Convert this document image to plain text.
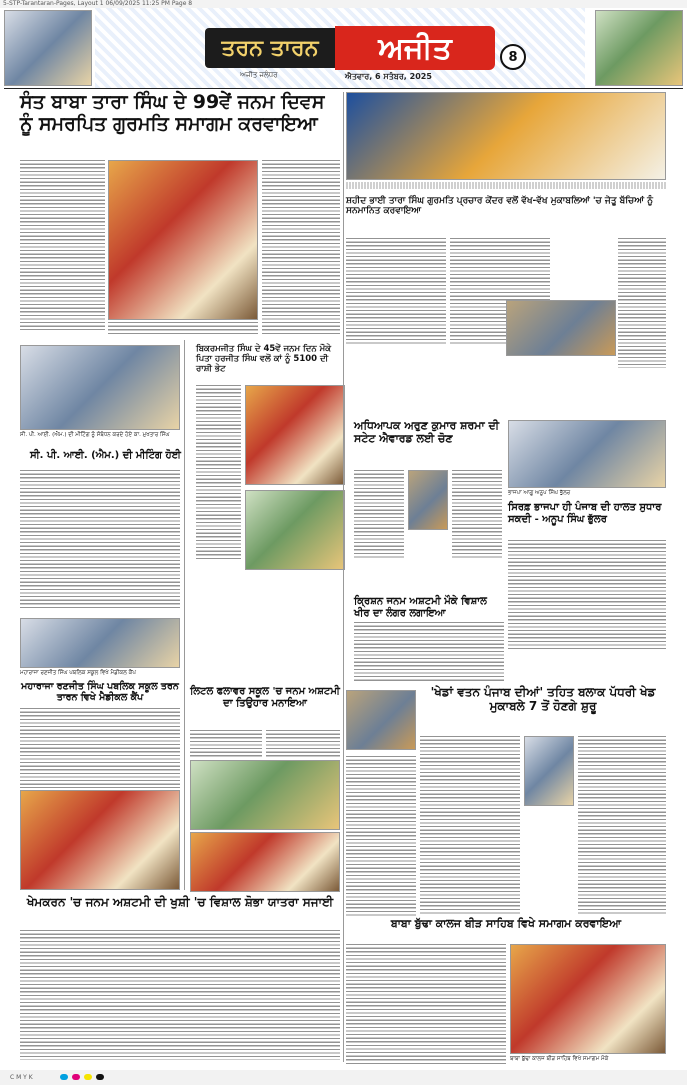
5-STP-Tarantaran-Pages, Layout 1 06/09/2025 11:25 PM Page 8
ਤਰਨ ਤਾਰਨ	ਅਜੀਤ
ਅਜੀਤ ਜਲੰਧਰ	ਐਤਵਾਰ, 6 ਸਤੰਬਰ, 2025
8
ਸੰਤ ਬਾਬਾ ਤਾਰਾ ਸਿੰਘ ਦੇ 99ਵੇਂ ਜਨਮ ਦਿਵਸ ਨੂੰ ਸਮਰਪਿਤ ਗੁਰਮਤਿ ਸਮਾਗਮ ਕਰਵਾਇਆ
ਸ਼ਹੀਦ ਭਾਈ ਤਾਰਾ ਸਿੰਘ ਗੁਰਮਤਿ ਪ੍ਰਚਾਰ ਕੇਂਦਰ ਵਲੋਂ ਵੱਖ-ਵੱਖ ਮੁਕਾਬਲਿਆਂ 'ਚ ਜੇਤੂ ਬੱਚਿਆਂ ਨੂੰ ਸਨਮਾਨਿਤ ਕਰਵਾਇਆ
ਸੀ. ਪੀ. ਆਈ. (ਐਮ.) ਦੀ ਮੀਟਿੰਗ ਨੂੰ ਸੰਬੋਧਨ ਕਰਦੇ ਹੋਏ ਕਾ. ਮੁਖਤਾਰ ਸਿੰਘ
ਸੀ. ਪੀ. ਆਈ. (ਐਮ.) ਦੀ ਮੀਟਿੰਗ ਹੋਈ
ਬਿਕਰਮਜੀਤ ਸਿੰਘ ਦੇ 45ਵੇਂ ਜਨਮ ਦਿਨ ਮੌਕੇ ਪਿਤਾ ਹਰਜੀਤ ਸਿੰਘ ਵਲੋਂ ਕਾਂ ਨੂੰ 5100 ਦੀ ਰਾਸ਼ੀ ਭੇਟ
ਅਧਿਆਪਕ ਅਰੁਣ ਕੁਮਾਰ ਸ਼ਰਮਾ ਦੀ ਸਟੇਟ ਐਵਾਰਡ ਲਈ ਚੋਣ
ਭਾਜਪਾ ਆਗੂ ਅਨੂਪ ਸਿੰਘ ਭੁੱਲਰ
ਸਿਰਫ਼ ਭਾਜਪਾ ਹੀ ਪੰਜਾਬ ਦੀ ਹਾਲਤ ਸੁਧਾਰ ਸਕਦੀ - ਅਨੂਪ ਸਿੰਘ ਭੁੱਲਰ
ਕ੍ਰਿਸ਼ਨ ਜਨਮ ਅਸ਼ਟਮੀ ਮੌਕੇ ਵਿਸ਼ਾਲ ਖੀਰ ਦਾ ਲੰਗਰ ਲਗਾਇਆ
ਮਹਾਰਾਜਾ ਰਣਜੀਤ ਸਿੰਘ ਪਬਲਿਕ ਸਕੂਲ ਵਿਖੇ ਮੈਡੀਕਲ ਕੈਂਪ
ਮਹਾਰਾਜਾ ਰਣਜੀਤ ਸਿੰਘ ਪਬਲਿਕ ਸਕੂਲ ਤਰਨ ਤਾਰਨ ਵਿਖੇ ਮੈਡੀਕਲ ਕੈਂਪ
ਲਿਟਲ ਫਲਾਵਰ ਸਕੂਲ 'ਚ ਜਨਮ ਅਸ਼ਟਮੀ ਦਾ ਤਿਉਹਾਰ ਮਨਾਇਆ
'ਖੇਡਾਂ ਵਤਨ ਪੰਜਾਬ ਦੀਆਂ' ਤਹਿਤ ਬਲਾਕ ਪੱਧਰੀ ਖੇਡ ਮੁਕਾਬਲੇ 7 ਤੋਂ ਹੋਣਗੇ ਸ਼ੁਰੂ
ਬਾਬਾ ਬੁੱਢਾ ਕਾਲਜ ਬੀੜ ਸਾਹਿਬ ਵਿਖੇ ਸਮਾਗਮ ਕਰਵਾਇਆ
ਬਾਬਾ ਬੁੱਢਾ ਕਾਲਜ ਬੀੜ ਸਾਹਿਬ ਵਿਖੇ ਸਮਾਗਮ ਮੌਕੇ
ਖੇਮਕਰਨ 'ਚ ਜਨਮ ਅਸ਼ਟਮੀ ਦੀ ਖੁਸ਼ੀ 'ਚ ਵਿਸ਼ਾਲ ਸ਼ੋਭਾ ਯਾਤਰਾ ਸਜਾਈ
C M Y K
